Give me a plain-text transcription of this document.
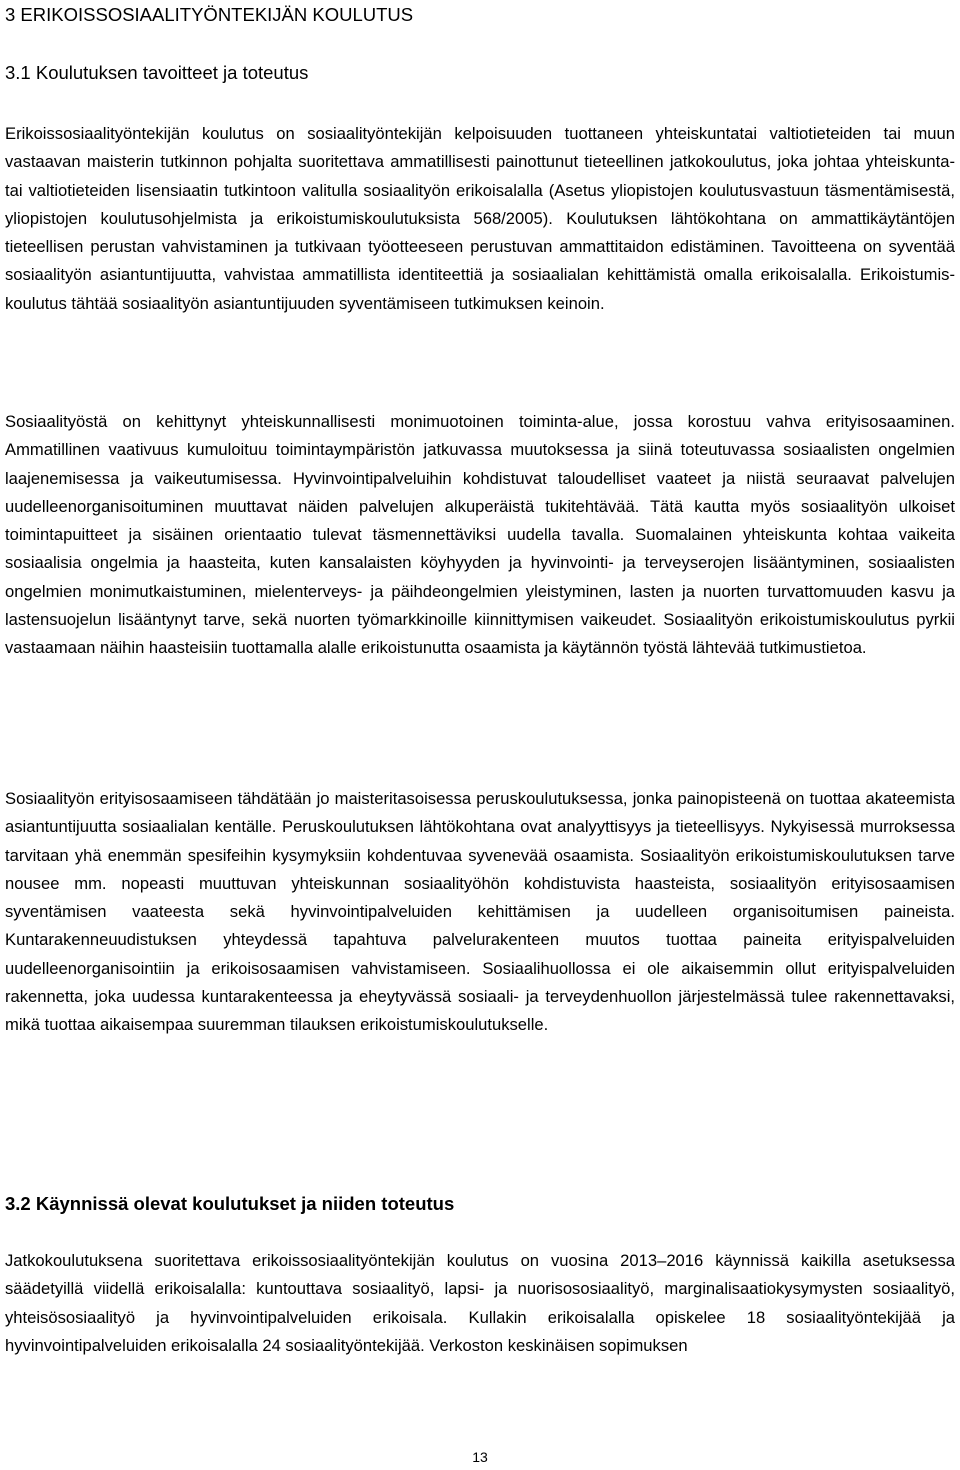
3 ERIKOISSOSIAALITYÖNTEKIJÄN KOULUTUS
3.1 Koulutuksen tavoitteet ja toteutus

Erikoissosiaalityöntekijän koulutus on sosiaalityöntekijän kelpoisuuden tuottaneen yhteiskuntatai valtiotieteiden tai muun vastaavan maisterin tutkinnon pohjalta suoritettava ammatillisesti painottunut tieteellinen jatkokoulutus, joka johtaa yhteiskunta- tai valtiotieteiden lisensiaatin tutkintoon valitulla sosiaalityön erikoisalalla (Asetus yliopistojen koulutusvastuun täsmentämisestä, yliopistojen koulutusohjelmista ja erikoistumiskoulutuksista 568/2005). Koulutuksen lähtökohtana on ammattikäytäntöjen tieteellisen perustan vahvistaminen ja tutkivaan työotteeseen perustuvan ammattitaidon edistäminen. Tavoitteena on syventää sosiaalityön asiantuntijuutta, vahvistaa ammatillista identiteettiä ja sosiaalialan kehittämistä omalla erikoisalalla. Erikoistumiskoulutus tähtää sosiaalityön asiantuntijuuden syventämiseen tutkimuksen keinoin.

Sosiaalityöstä on kehittynyt yhteiskunnallisesti monimuotoinen toiminta-alue, jossa korostuu vahva erityisosaaminen. Ammatillinen vaativuus kumuloituu toimintaympäristön jatkuvassa muutoksessa ja siinä toteutuvassa sosiaalisten ongelmien laajenemisessa ja vaikeutumisessa. Hyvinvointipalveluihin kohdistuvat taloudelliset vaateet ja niistä seuraavat palvelujen uudelleenorganisoituminen muuttavat näiden palvelujen alkuperäistä tukitehtävää. Tätä kautta myös sosiaalityön ulkoiset toimintapuitteet ja sisäinen orientaatio tulevat täsmennettäviksi uudella tavalla. Suomalainen yhteiskunta kohtaa vaikeita sosiaalisia ongelmia ja haasteita, kuten kansalaisten köyhyyden ja hyvinvointi- ja terveyserojen lisääntyminen, sosiaalisten ongelmien monimutkaistuminen, mielenterveys- ja päihdeongelmien yleistyminen, lasten ja nuorten turvattomuuden kasvu ja lastensuojelun lisääntynyt tarve, sekä nuorten työmarkkinoille kiinnittymisen vaikeudet. Sosiaalityön erikoistumiskoulutus pyrkii vastaamaan näihin haasteisiin tuottamalla alalle erikoistunutta osaamista ja käytännön työstä lähtevää tutkimustietoa.

Sosiaalityön erityisosaamiseen tähdätään jo maisteritasoisessa peruskoulutuksessa, jonka painopisteenä on tuottaa akateemista asiantuntijuutta sosiaalialan kentälle. Peruskoulutuksen lähtökohtana ovat analyyttisyys ja tieteellisyys. Nykyisessä murroksessa tarvitaan yhä enemmän spesifeihin kysymyksiin kohdentuvaa syvenevää osaamista. Sosiaalityön erikoistumiskoulutuksen tarve nousee mm. nopeasti muuttuvan yhteiskunnan sosiaalityöhön kohdistuvista haasteista, sosiaalityön erityisosaamisen syventämisen vaateesta sekä hyvinvointipalveluiden kehittämisen ja uudelleen organisoitumisen paineista. Kuntarakenneuudistuksen yhteydessä tapahtuva palvelurakenteen muutos tuottaa paineita erityispalveluiden uudelleenorganisointiin ja erikoisosaamisen vahvistamiseen. Sosiaalihuollossa ei ole aikaisemmin ollut erityispalveluiden rakennetta, joka uudessa kuntarakenteessa ja eheytyvässä sosiaali- ja terveydenhuollon järjestelmässä tulee rakennettavaksi, mikä tuottaa aikaisempaa suuremman tilauksen erikoistumiskoulutukselle.

3.2 Käynnissä olevat koulutukset ja niiden toteutus

Jatkokoulutuksena suoritettava erikoissosiaalityöntekijän koulutus on vuosina 2013–2016 käynnissä kaikilla asetuksessa säädetyillä viidellä erikoisalalla: kuntouttava sosiaalityö, lapsi- ja nuorisososiaalityö, marginalisaatiokysymysten sosiaalityö, yhteisösosiaalityö ja hyvinvointipalveluiden erikoisala. Kullakin erikoisalalla opiskelee 18 sosiaalityöntekijää ja hyvinvointipalveluiden erikoisalalla 24 sosiaalityöntekijää. Verkoston keskinäisen sopimuksen

13
